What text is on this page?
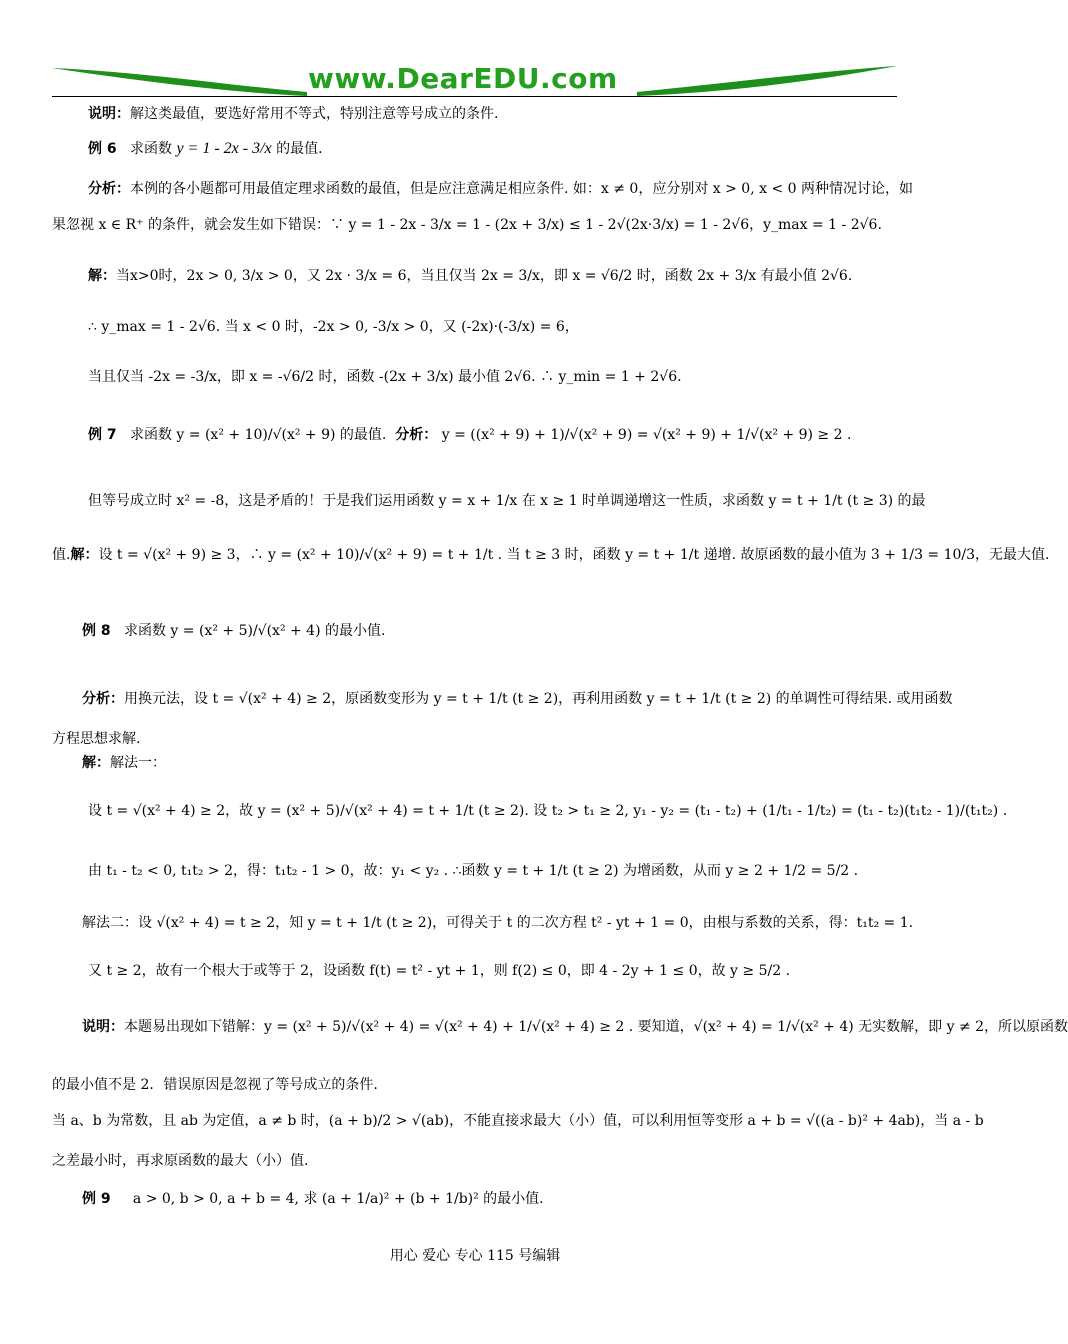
www.DearEDU.com
说明：解这类最值，要选好常用不等式，特别注意等号成立的条件.
例 6 求函数 y = 1 - 2x - 3/x 的最值.
分析：本例的各小题都可用最值定理求函数的最值，但是应注意满足相应条件. 如：x ≠ 0，应分别对 x > 0, x < 0 两种情况讨论，如
果忽视 x ∈ R⁺ 的条件，就会发生如下错误：∵ y = 1 - 2x - 3/x = 1 - (2x + 3/x) ≤ 1 - 2√(2x·3/x) = 1 - 2√6，y_max = 1 - 2√6.
解：当x>0时，2x > 0, 3/x > 0，又 2x · 3/x = 6，当且仅当 2x = 3/x，即 x = √6/2 时，函数 2x + 3/x 有最小值 2√6.
∴ y_max = 1 - 2√6. 当 x < 0 时，-2x > 0, -3/x > 0，又 (-2x)·(-3/x) = 6，
当且仅当 -2x = -3/x，即 x = -√6/2 时，函数 -(2x + 3/x) 最小值 2√6. ∴ y_min = 1 + 2√6.
例 7 求函数 y = (x² + 10)/√(x² + 9) 的最值. 分析： y = ((x² + 9) + 1)/√(x² + 9) = √(x² + 9) + 1/√(x² + 9) ≥ 2 .
但等号成立时 x² = -8，这是矛盾的！于是我们运用函数 y = x + 1/x 在 x ≥ 1 时单调递增这一性质，求函数 y = t + 1/t (t ≥ 3) 的最
值.解：设 t = √(x² + 9) ≥ 3，∴ y = (x² + 10)/√(x² + 9) = t + 1/t . 当 t ≥ 3 时，函数 y = t + 1/t 递增. 故原函数的最小值为 3 + 1/3 = 10/3，无最大值.
例 8 求函数 y = (x² + 5)/√(x² + 4) 的最小值.
分析：用换元法，设 t = √(x² + 4) ≥ 2，原函数变形为 y = t + 1/t (t ≥ 2)，再利用函数 y = t + 1/t (t ≥ 2) 的单调性可得结果. 或用函数
方程思想求解.
解：解法一：
设 t = √(x² + 4) ≥ 2，故 y = (x² + 5)/√(x² + 4) = t + 1/t (t ≥ 2). 设 t₂ > t₁ ≥ 2, y₁ - y₂ = (t₁ - t₂) + (1/t₁ - 1/t₂) = (t₁ - t₂)(t₁t₂ - 1)/(t₁t₂) .
由 t₁ - t₂ < 0, t₁t₂ > 2，得：t₁t₂ - 1 > 0，故：y₁ < y₂ . ∴函数 y = t + 1/t (t ≥ 2) 为增函数，从而 y ≥ 2 + 1/2 = 5/2 .
解法二：设 √(x² + 4) = t ≥ 2，知 y = t + 1/t (t ≥ 2)，可得关于 t 的二次方程 t² - yt + 1 = 0，由根与系数的关系，得：t₁t₂ = 1.
又 t ≥ 2，故有一个根大于或等于 2，设函数 f(t) = t² - yt + 1，则 f(2) ≤ 0，即 4 - 2y + 1 ≤ 0，故 y ≥ 5/2 .
说明：本题易出现如下错解：y = (x² + 5)/√(x² + 4) = √(x² + 4) + 1/√(x² + 4) ≥ 2 . 要知道，√(x² + 4) = 1/√(x² + 4) 无实数解，即 y ≠ 2，所以原函数
的最小值不是 2．错误原因是忽视了等号成立的条件.
当 a、b 为常数，且 ab 为定值，a ≠ b 时，(a + b)/2 > √(ab)，不能直接求最大（小）值，可以利用恒等变形 a + b = √((a - b)² + 4ab)，当 a - b
之差最小时，再求原函数的最大（小）值.
例 9 a > 0, b > 0, a + b = 4, 求 (a + 1/a)² + (b + 1/b)² 的最小值.
用心 爱心 专心 115 号编辑
